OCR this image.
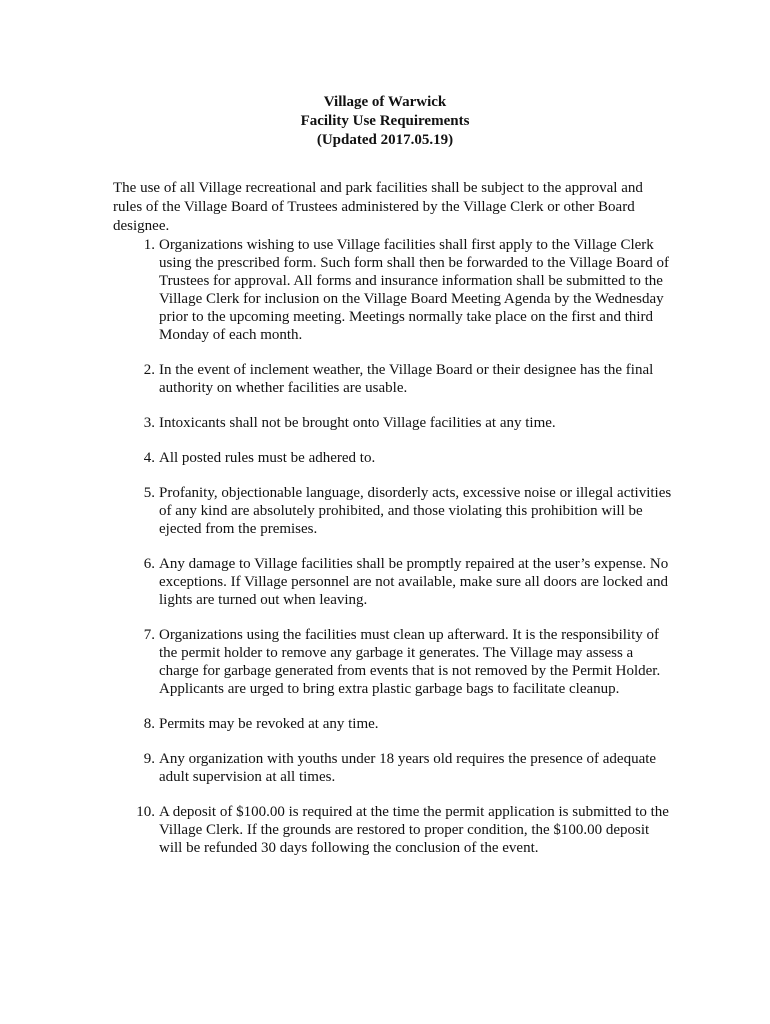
Village of Warwick
Facility Use Requirements
(Updated 2017.05.19)

The use of all Village recreational and park facilities shall be subject to the approval and rules of the Village Board of Trustees administered by the Village Clerk or other Board designee.

1. Organizations wishing to use Village facilities shall first apply to the Village Clerk using the prescribed form. Such form shall then be forwarded to the Village Board of Trustees for approval. All forms and insurance information shall be submitted to the Village Clerk for inclusion on the Village Board Meeting Agenda by the Wednesday prior to the upcoming meeting. Meetings normally take place on the first and third Monday of each month.
2. In the event of inclement weather, the Village Board or their designee has the final authority on whether facilities are usable.
3. Intoxicants shall not be brought onto Village facilities at any time.
4. All posted rules must be adhered to.
5. Profanity, objectionable language, disorderly acts, excessive noise or illegal activities of any kind are absolutely prohibited, and those violating this prohibition will be ejected from the premises.
6. Any damage to Village facilities shall be promptly repaired at the user’s expense. No exceptions. If Village personnel are not available, make sure all doors are locked and lights are turned out when leaving.
7. Organizations using the facilities must clean up afterward. It is the responsibility of the permit holder to remove any garbage it generates. The Village may assess a charge for garbage generated from events that is not removed by the Permit Holder. Applicants are urged to bring extra plastic garbage bags to facilitate cleanup.
8. Permits may be revoked at any time.
9. Any organization with youths under 18 years old requires the presence of adequate adult supervision at all times.
10. A deposit of $100.00 is required at the time the permit application is submitted to the Village Clerk. If the grounds are restored to proper condition, the $100.00 deposit will be refunded 30 days following the conclusion of the event.
